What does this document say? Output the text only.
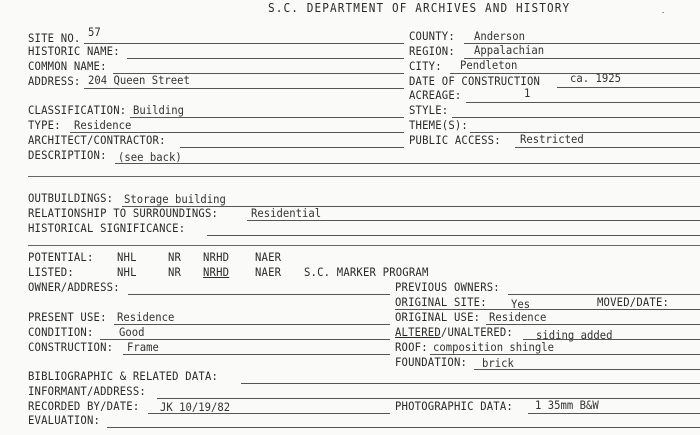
S.C. DEPARTMENT OF ARCHIVES AND HISTORY
SITE NO. 57
HISTORIC NAME:
COMMON NAME:
ADDRESS: 204 Queen Street
CLASSIFICATION: Building
TYPE: Residence
ARCHITECT/CONTRACTOR:
DESCRIPTION: (see back)
COUNTY: Anderson
REGION: Appalachian
CITY: Pendleton
DATE OF CONSTRUCTION	ca. 1925
ACREAGE:	1
STYLE:
THEME(S):
PUBLIC ACCESS: Restricted
OUTBUILDINGS: Storage building
RELATIONSHIP TO SURROUNDINGS:	Residential
HISTORICAL SIGNIFICANCE:
POTENTIAL: NHL	NR NRHD NAER
LISTED:	NHL	NR NRHD NAER S.C. MARKER PROGRAM
OWNER/ADDRESS:	PREVIOUS OWNERS:
ORIGINAL SITE: Yes	MOVED/DATE:
ORIGINAL USE: Residence
ALTERED/UNALTERED: siding added
ROOF: composition shingle
FOUNDATION: brick
PRESENT USE: Residence
CONDITION: Good
CONSTRUCTION: Frame
BIBLIOGRAPHIC & RELATED DATA:
INFORMANT/ADDRESS:
RECORDED BY/DATE: JK 10/19/82	PHOTOGRAPHIC DATA: 1 35mm B&W
EVALUATION:
